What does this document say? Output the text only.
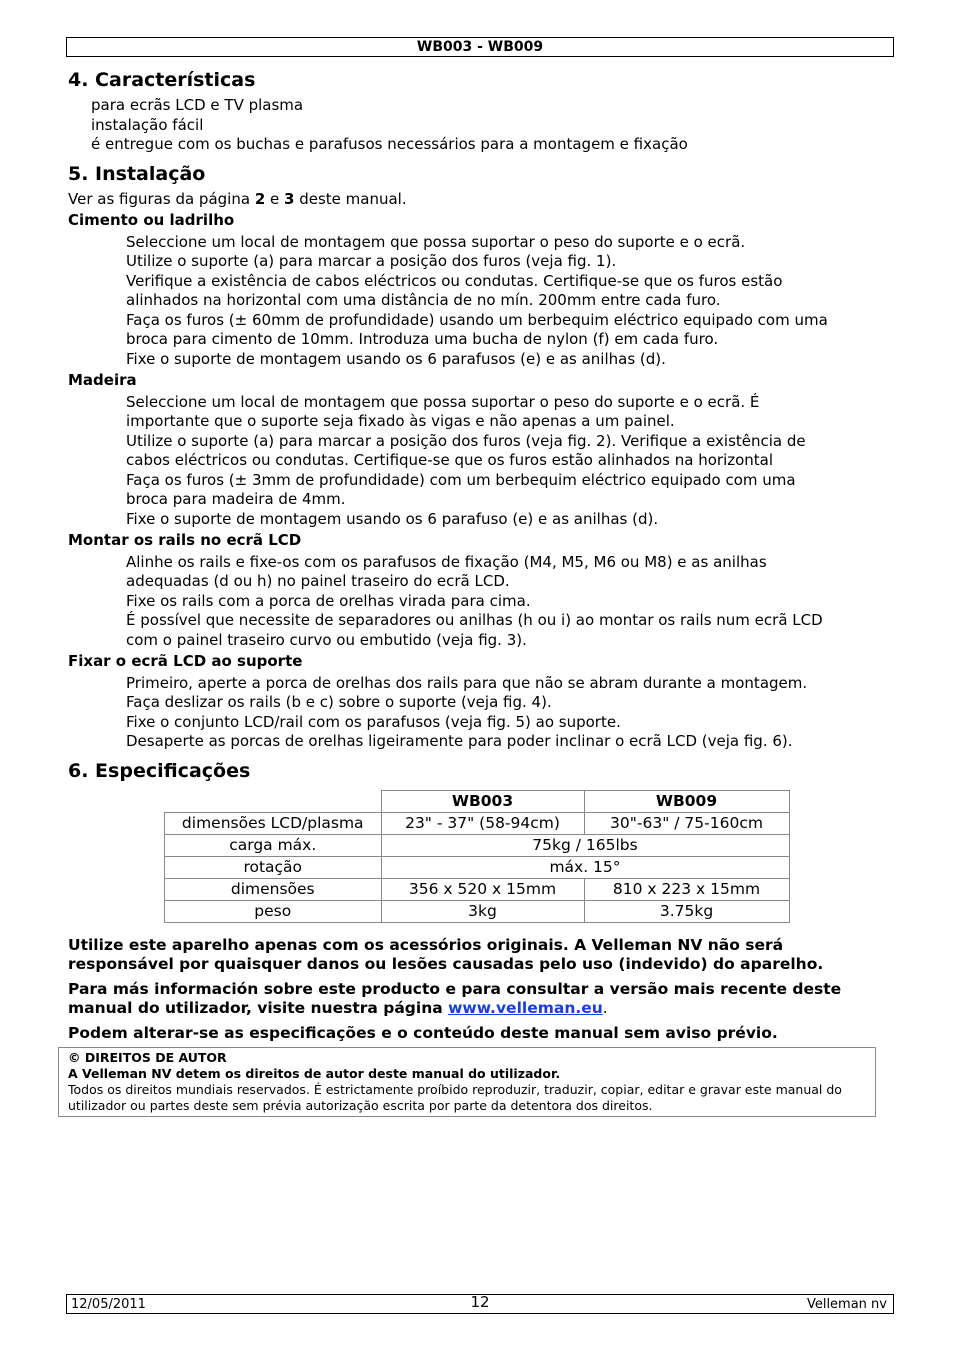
WB003 - WB009
4. Características
para ecrãs LCD e TV plasma
instalação fácil
é entregue com os buchas e parafusos necessários para a montagem e fixação
5. Instalação

Ver as figuras da página 2 e 3 deste manual.

Cimento ou ladrilho
Seleccione um local de montagem que possa suportar o peso do suporte e o ecrã.
Utilize o suporte (a) para marcar a posição dos furos (veja fig. 1).
Verifique a existência de cabos eléctricos ou condutas. Certifique-se que os furos estão
alinhados na horizontal com uma distância de no mín. 200mm entre cada furo.
Faça os furos (± 60mm de profundidade) usando um berbequim eléctrico equipado com uma
broca para cimento de 10mm. Introduza uma bucha de nylon (f) em cada furo.
Fixe o suporte de montagem usando os 6 parafusos (e) e as anilhas (d).
Madeira
Seleccione um local de montagem que possa suportar o peso do suporte e o ecrã. É
importante que o suporte seja fixado às vigas e não apenas a um painel.
Utilize o suporte (a) para marcar a posição dos furos (veja fig. 2). Verifique a existência de
cabos eléctricos ou condutas. Certifique-se que os furos estão alinhados na horizontal
Faça os furos (± 3mm de profundidade) com um berbequim eléctrico equipado com uma
broca para madeira de 4mm.
Fixe o suporte de montagem usando os 6 parafuso (e) e as anilhas (d).
Montar os rails no ecrã LCD
Alinhe os rails e fixe-os com os parafusos de fixação (M4, M5, M6 ou M8) e as anilhas
adequadas (d ou h) no painel traseiro do ecrã LCD.
Fixe os rails com a porca de orelhas virada para cima.
É possível que necessite de separadores ou anilhas (h ou i) ao montar os rails num ecrã LCD
com o painel traseiro curvo ou embutido (veja fig. 3).
Fixar o ecrã LCD ao suporte
Primeiro, aperte a porca de orelhas dos rails para que não se abram durante a montagem.
Faça deslizar os rails (b e c) sobre o suporte (veja fig. 4).
Fixe o conjunto LCD/rail com os parafusos (veja fig. 5) ao suporte.
Desaperte as porcas de orelhas ligeiramente para poder inclinar o ecrã LCD (veja fig. 6).
6. Especificações
	WB003	WB009
dimensões LCD/plasma	23" - 37" (58-94cm)	30"-63" / 75-160cm
carga máx.	75kg / 165lbs	
rotação	máx. 15°	
dimensões	356 x 520 x 15mm	810 x 223 x 15mm
peso	3kg	3.75kg

Utilize este aparelho apenas com os acessórios originais. A Velleman NV não será
responsável por quaisquer danos ou lesões causadas pelo uso (indevido) do aparelho.

Para más información sobre este producto e para consultar a versão mais recente deste
manual do utilizador, visite nuestra página www.velleman.eu.

Podem alterar-se as especificações e o conteúdo deste manual sem aviso prévio.

© DIREITOS DE AUTOR
A Velleman NV detem os direitos de autor deste manual do utilizador.
Todos os direitos mundiais reservados. É estrictamente proíbido reproduzir, traduzir, copiar, editar e gravar este manual do
utilizador ou partes deste sem prévia autorização escrita por parte da detentora dos direitos.
12/05/2011	12	Velleman nv
